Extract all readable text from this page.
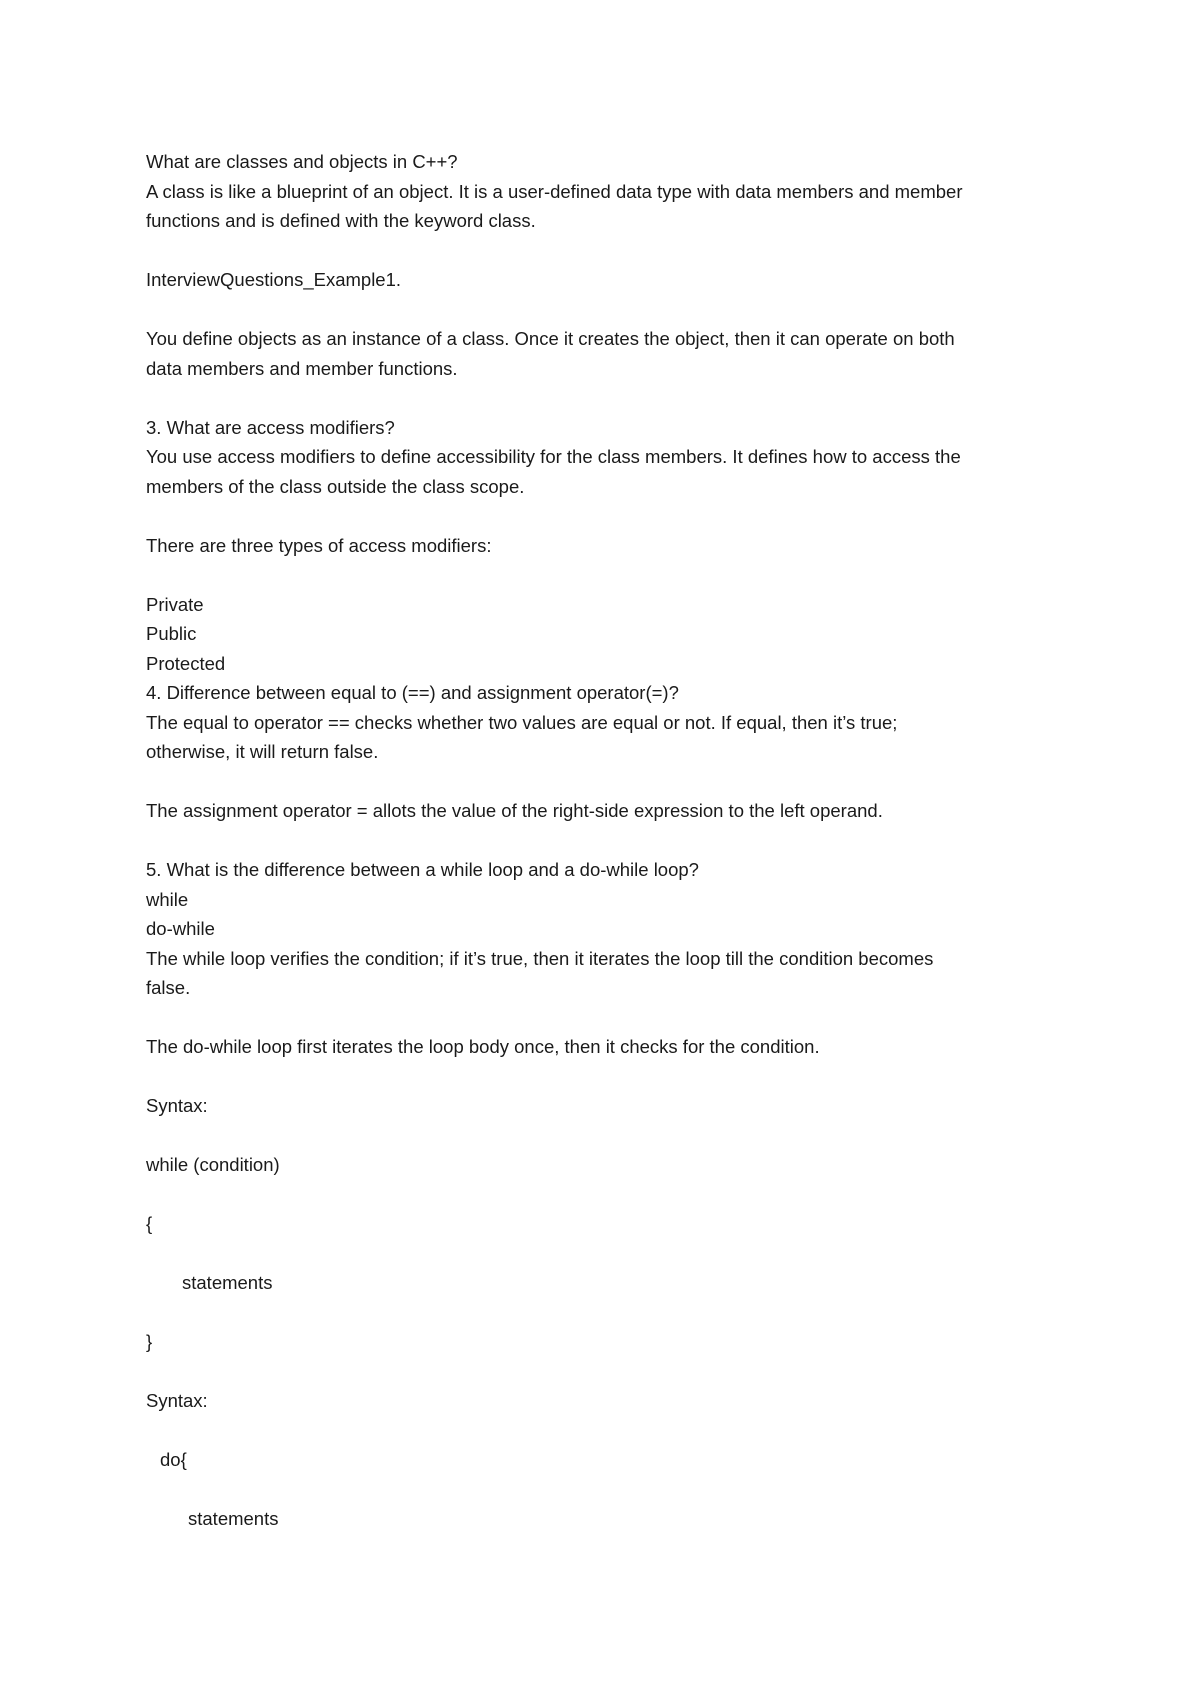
What are classes and objects in C++?
A class is like a blueprint of an object. It is a user-defined data type with data members and member
functions and is defined with the keyword class.
InterviewQuestions_Example1.
You define objects as an instance of a class. Once it creates the object, then it can operate on both
data members and member functions.
3. What are access modifiers?
You use access modifiers to define accessibility for the class members. It defines how to access the
members of the class outside the class scope.
There are three types of access modifiers:
Private
Public
Protected
4. Difference between equal to (==) and assignment operator(=)?
The equal to operator == checks whether two values are equal or not. If equal, then it’s true;
otherwise, it will return false.
The assignment operator = allots the value of the right-side expression to the left operand.
5. What is the difference between a while loop and a do-while loop?
while
do-while
The while loop verifies the condition; if it’s true, then it iterates the loop till the condition becomes
false.
The do-while loop first iterates the loop body once, then it checks for the condition.
Syntax:
while (condition)
{
statements
}
Syntax:
do{
statements
